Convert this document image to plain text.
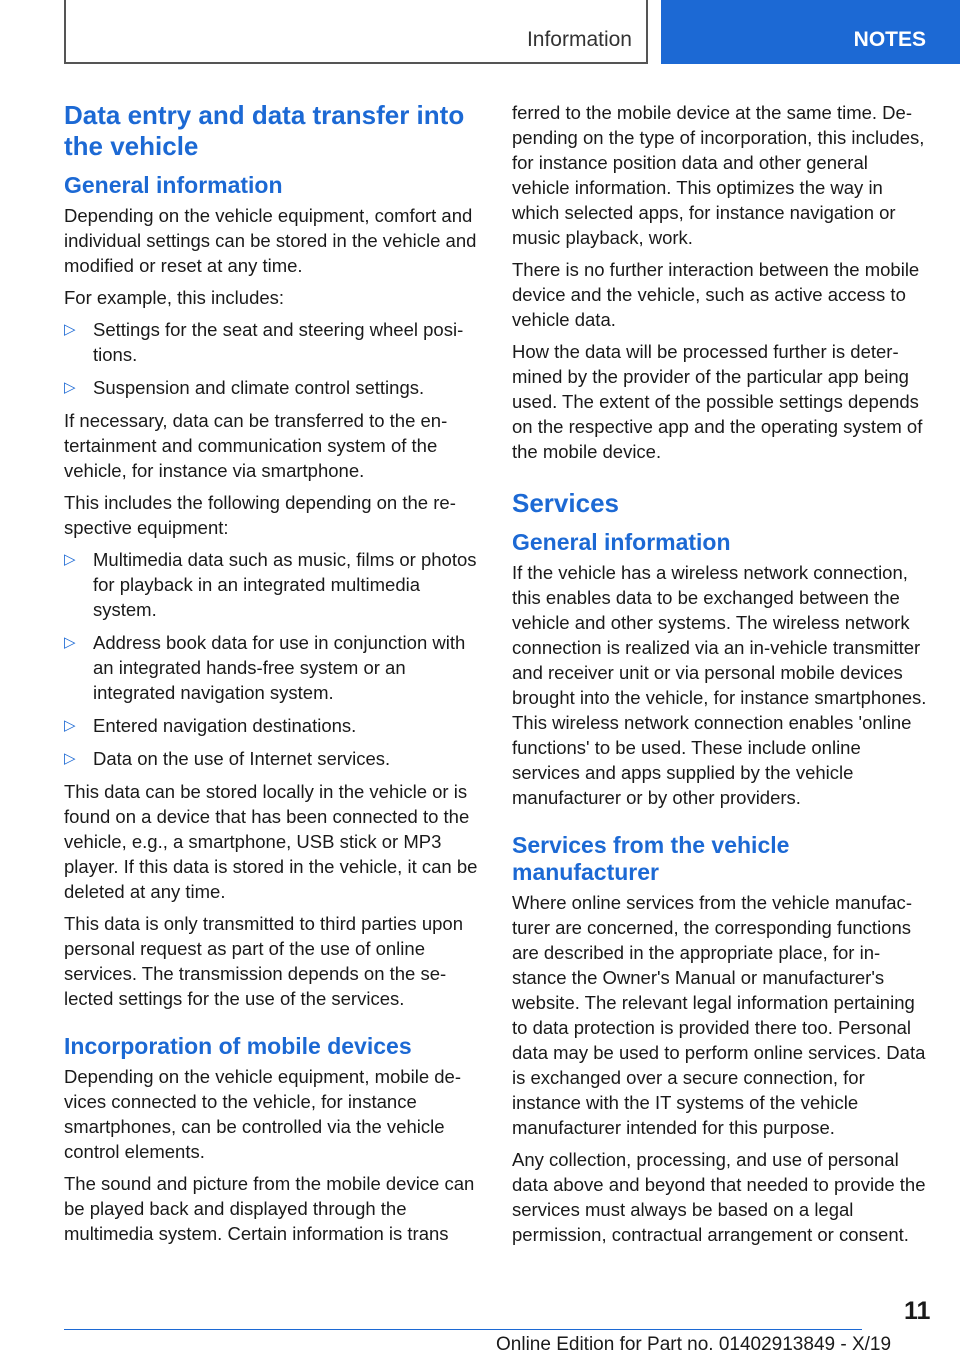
Information	NOTES
Data entry and data transfer into the vehicle
General information
Depending on the vehicle equipment, comfort and individual settings can be stored in the vehicle and modified or reset at any time.
For example, this includes:
▷ Settings for the seat and steering wheel positions.
▷ Suspension and climate control settings.
If necessary, data can be transferred to the entertainment and communication system of the vehicle, for instance via smartphone.
This includes the following depending on the respective equipment:
▷ Multimedia data such as music, films or photos for playback in an integrated multimedia system.
▷ Address book data for use in conjunction with an integrated hands-free system or an integrated navigation system.
▷ Entered navigation destinations.
▷ Data on the use of Internet services.
This data can be stored locally in the vehicle or is found on a device that has been connected to the vehicle, e.g., a smartphone, USB stick or MP3 player. If this data is stored in the vehicle, it can be deleted at any time.
This data is only transmitted to third parties upon personal request as part of the use of online services. The transmission depends on the selected settings for the use of the services.
Incorporation of mobile devices
Depending on the vehicle equipment, mobile devices connected to the vehicle, for instance smartphones, can be controlled via the vehicle control elements.
The sound and picture from the mobile device can be played back and displayed through the multimedia system. Certain information is trans
ferred to the mobile device at the same time. Depending on the type of incorporation, this includes, for instance position data and other general vehicle information. This optimizes the way in which selected apps, for instance navigation or music playback, work.
There is no further interaction between the mobile device and the vehicle, such as active access to vehicle data.
How the data will be processed further is determined by the provider of the particular app being used. The extent of the possible settings depends on the respective app and the operating system of the mobile device.
Services
General information
If the vehicle has a wireless network connection, this enables data to be exchanged between the vehicle and other systems. The wireless network connection is realized via an in-vehicle transmitter and receiver unit or via personal mobile devices brought into the vehicle, for instance smartphones. This wireless network connection enables 'online functions' to be used. These include online services and apps supplied by the vehicle manufacturer or by other providers.
Services from the vehicle manufacturer
Where online services from the vehicle manufacturer are concerned, the corresponding functions are described in the appropriate place, for instance the Owner's Manual or manufacturer's website. The relevant legal information pertaining to data protection is provided there too. Personal data may be used to perform online services. Data is exchanged over a secure connection, for instance with the IT systems of the vehicle manufacturer intended for this purpose.
Any collection, processing, and use of personal data above and beyond that needed to provide the services must always be based on a legal permission, contractual arrangement or consent.
11
Online Edition for Part no. 01402913849 - X/19
